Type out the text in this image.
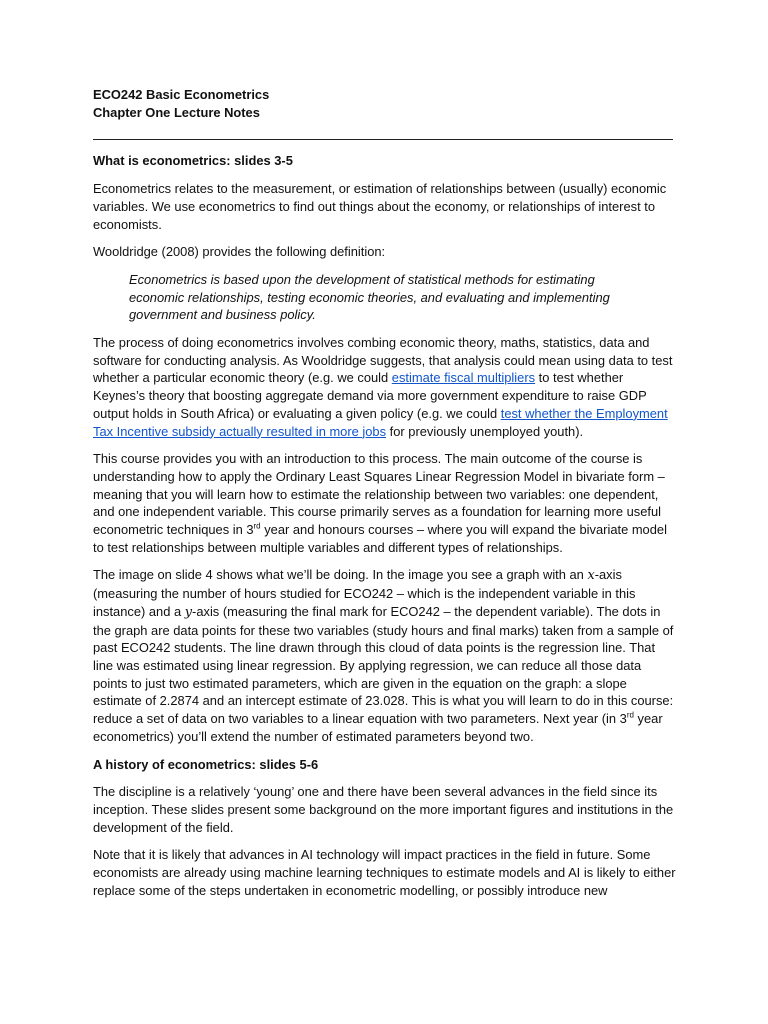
ECO242 Basic Econometrics

Chapter One Lecture Notes

What is econometrics: slides 3-5

Econometrics relates to the measurement, or estimation of relationships between (usually) economic variables. We use econometrics to find out things about the economy, or relationships of interest to economists.

Wooldridge (2008) provides the following definition:

Econometrics is based upon the development of statistical methods for estimating economic relationships, testing economic theories, and evaluating and implementing government and business policy.

The process of doing econometrics involves combing economic theory, maths, statistics, data and software for conducting analysis. As Wooldridge suggests, that analysis could mean using data to test whether a particular economic theory (e.g. we could estimate fiscal multipliers to test whether Keynes’s theory that boosting aggregate demand via more government expenditure to raise GDP output holds in South Africa) or evaluating a given policy (e.g. we could test whether the Employment Tax Incentive subsidy actually resulted in more jobs for previously unemployed youth).

This course provides you with an introduction to this process. The main outcome of the course is understanding how to apply the Ordinary Least Squares Linear Regression Model in bivariate form – meaning that you will learn how to estimate the relationship between two variables: one dependent, and one independent variable. This course primarily serves as a foundation for learning more useful econometric techniques in 3rd year and honours courses – where you will expand the bivariate model to test relationships between multiple variables and different types of relationships.

The image on slide 4 shows what we’ll be doing. In the image you see a graph with an x-axis (measuring the number of hours studied for ECO242 – which is the independent variable in this instance) and a y-axis (measuring the final mark for ECO242 – the dependent variable). The dots in the graph are data points for these two variables (study hours and final marks) taken from a sample of past ECO242 students. The line drawn through this cloud of data points is the regression line. That line was estimated using linear regression. By applying regression, we can reduce all those data points to just two estimated parameters, which are given in the equation on the graph: a slope estimate of 2.2874 and an intercept estimate of 23.028. This is what you will learn to do in this course: reduce a set of data on two variables to a linear equation with two parameters. Next year (in 3rd year econometrics) you’ll extend the number of estimated parameters beyond two.

A history of econometrics: slides 5-6

The discipline is a relatively ‘young’ one and there have been several advances in the field since its inception. These slides present some background on the more important figures and institutions in the development of the field.

Note that it is likely that advances in AI technology will impact practices in the field in future. Some economists are already using machine learning techniques to estimate models and AI is likely to either replace some of the steps undertaken in econometric modelling, or possibly introduce new
